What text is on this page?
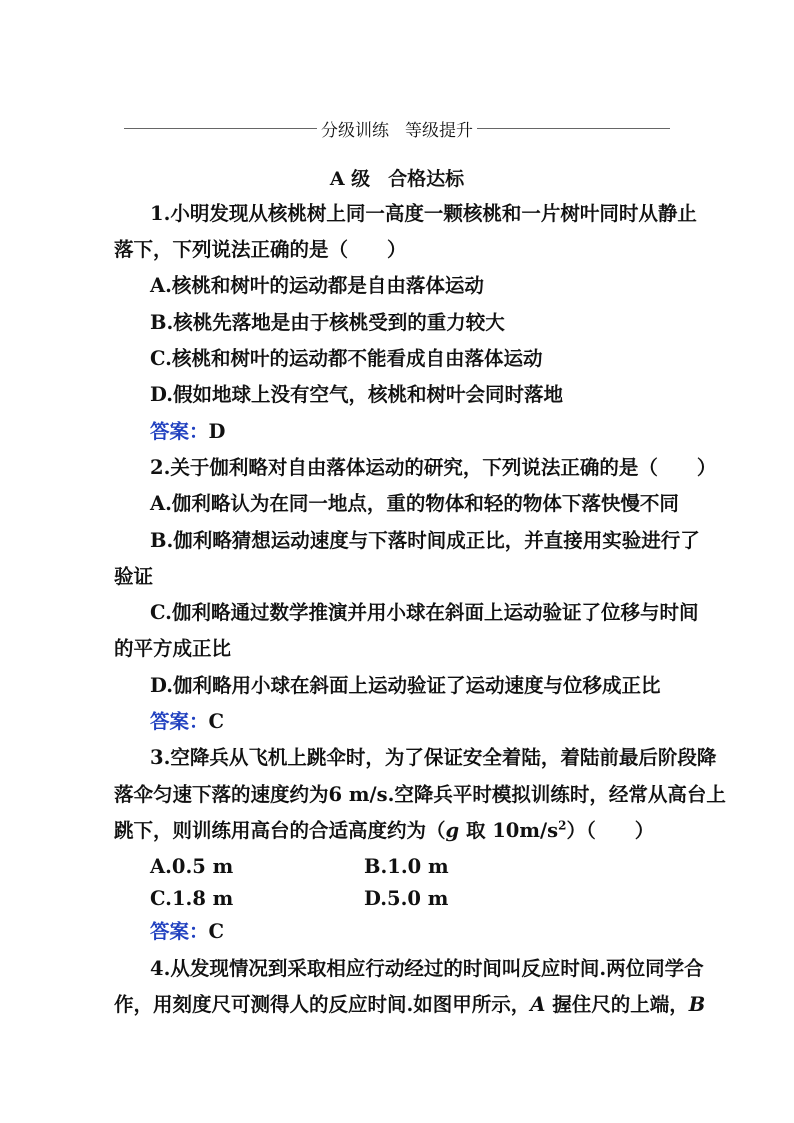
分级训练 等级提升
A 级 合格达标
1.小明发现从核桃树上同一高度一颗核桃和一片树叶同时从静止
落下，下列说法正确的是（　　）
A.核桃和树叶的运动都是自由落体运动
B.核桃先落地是由于核桃受到的重力较大
C.核桃和树叶的运动都不能看成自由落体运动
D.假如地球上没有空气，核桃和树叶会同时落地
答案：D
2.关于伽利略对自由落体运动的研究，下列说法正确的是（　　）
A.伽利略认为在同一地点，重的物体和轻的物体下落快慢不同
B.伽利略猜想运动速度与下落时间成正比，并直接用实验进行了
验证
C.伽利略通过数学推演并用小球在斜面上运动验证了位移与时间
的平方成正比
D.伽利略用小球在斜面上运动验证了运动速度与位移成正比
答案：C
3.空降兵从飞机上跳伞时，为了保证安全着陆，着陆前最后阶段降
落伞匀速下落的速度约为6 m/s.空降兵平时模拟训练时，经常从高台上
跳下，则训练用高台的合适高度约为（g 取 $10m/s^2$）（　　）
A.0.5 m	B.1.0 m
C.1.8 m	D.5.0 m
答案：C
4.从发现情况到采取相应行动经过的时间叫反应时间.两位同学合
作，用刻度尺可测得人的反应时间.如图甲所示，A 握住尺的上端，B
